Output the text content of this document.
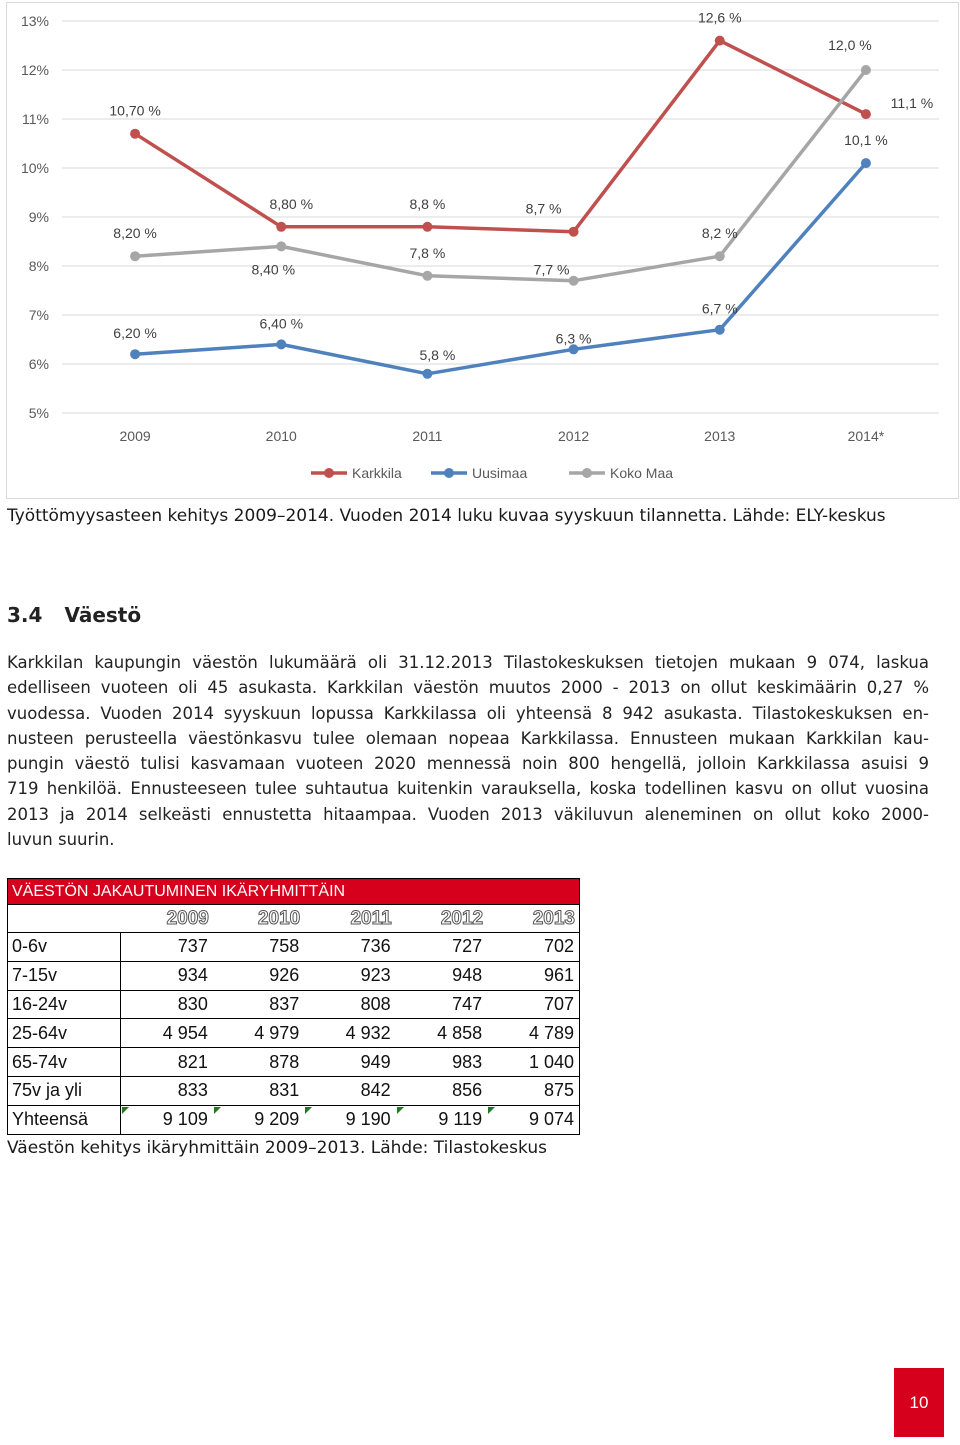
5%
6%
7%
8%
9%
10%
11%
12%
13%
2009	2010	2011	2012	2013	2014*
10,70 %
8,80 %	8,8 %	8,7 %
12,6 %
11,1 %
6,20 %
6,40 %
5,8 %
6,3 %
6,7 %
10,1 %
8,20 %
8,40 %
7,8 %
7,7 %
8,2 %
12,0 %
Karkkila	Uusimaa	Koko Maa
Työttömyysasteen kehitys 2009–2014. Vuoden 2014 luku kuvaa syyskuun tilannetta. Lähde: ELY-keskus
3.4 Väestö
Karkkilan kaupungin väestön lukumäärä oli 31.12.2013 Tilastokeskuksen tietojen mukaan 9 074, laskua
edelliseen vuoteen oli 45 asukasta. Karkkilan väestön muutos 2000 - 2013 on ollut keskimäärin 0,27 %
vuodessa. Vuoden 2014 syyskuun lopussa Karkkilassa oli yhteensä 8 942 asukasta. Tilastokeskuksen en-
nusteen perusteella väestönkasvu tulee olemaan nopeaa Karkkilassa. Ennusteen mukaan Karkkilan kau-
pungin väestö tulisi kasvamaan vuoteen 2020 mennessä noin 800 hengellä, jolloin Karkkilassa asuisi 9
719 henkilöä. Ennusteeseen tulee suhtautua kuitenkin varauksella, koska todellinen kasvu on ollut vuosina
2013 ja 2014 selkeästi ennustetta hitaampaa. Vuoden 2013 väkiluvun aleneminen on ollut koko 2000-
luvun suurin.
VÄESTÖN JAKAUTUMINEN IKÄRYHMITTÄIN					
	2009	2010	2011	2012	2013
0-6v	737	758	736	727	702
7-15v	934	926	923	948	961
16-24v	830	837	808	747	707
25-64v	4 954	4 979	4 932	4 858	4 789
65-74v	821	878	949	983	1 040
75v ja yli	833	831	842	856	875
Yhteensä	9 109	9 209	9 190	9 119	9 074
Väestön kehitys ikäryhmittäin 2009–2013. Lähde: Tilastokeskus
10
